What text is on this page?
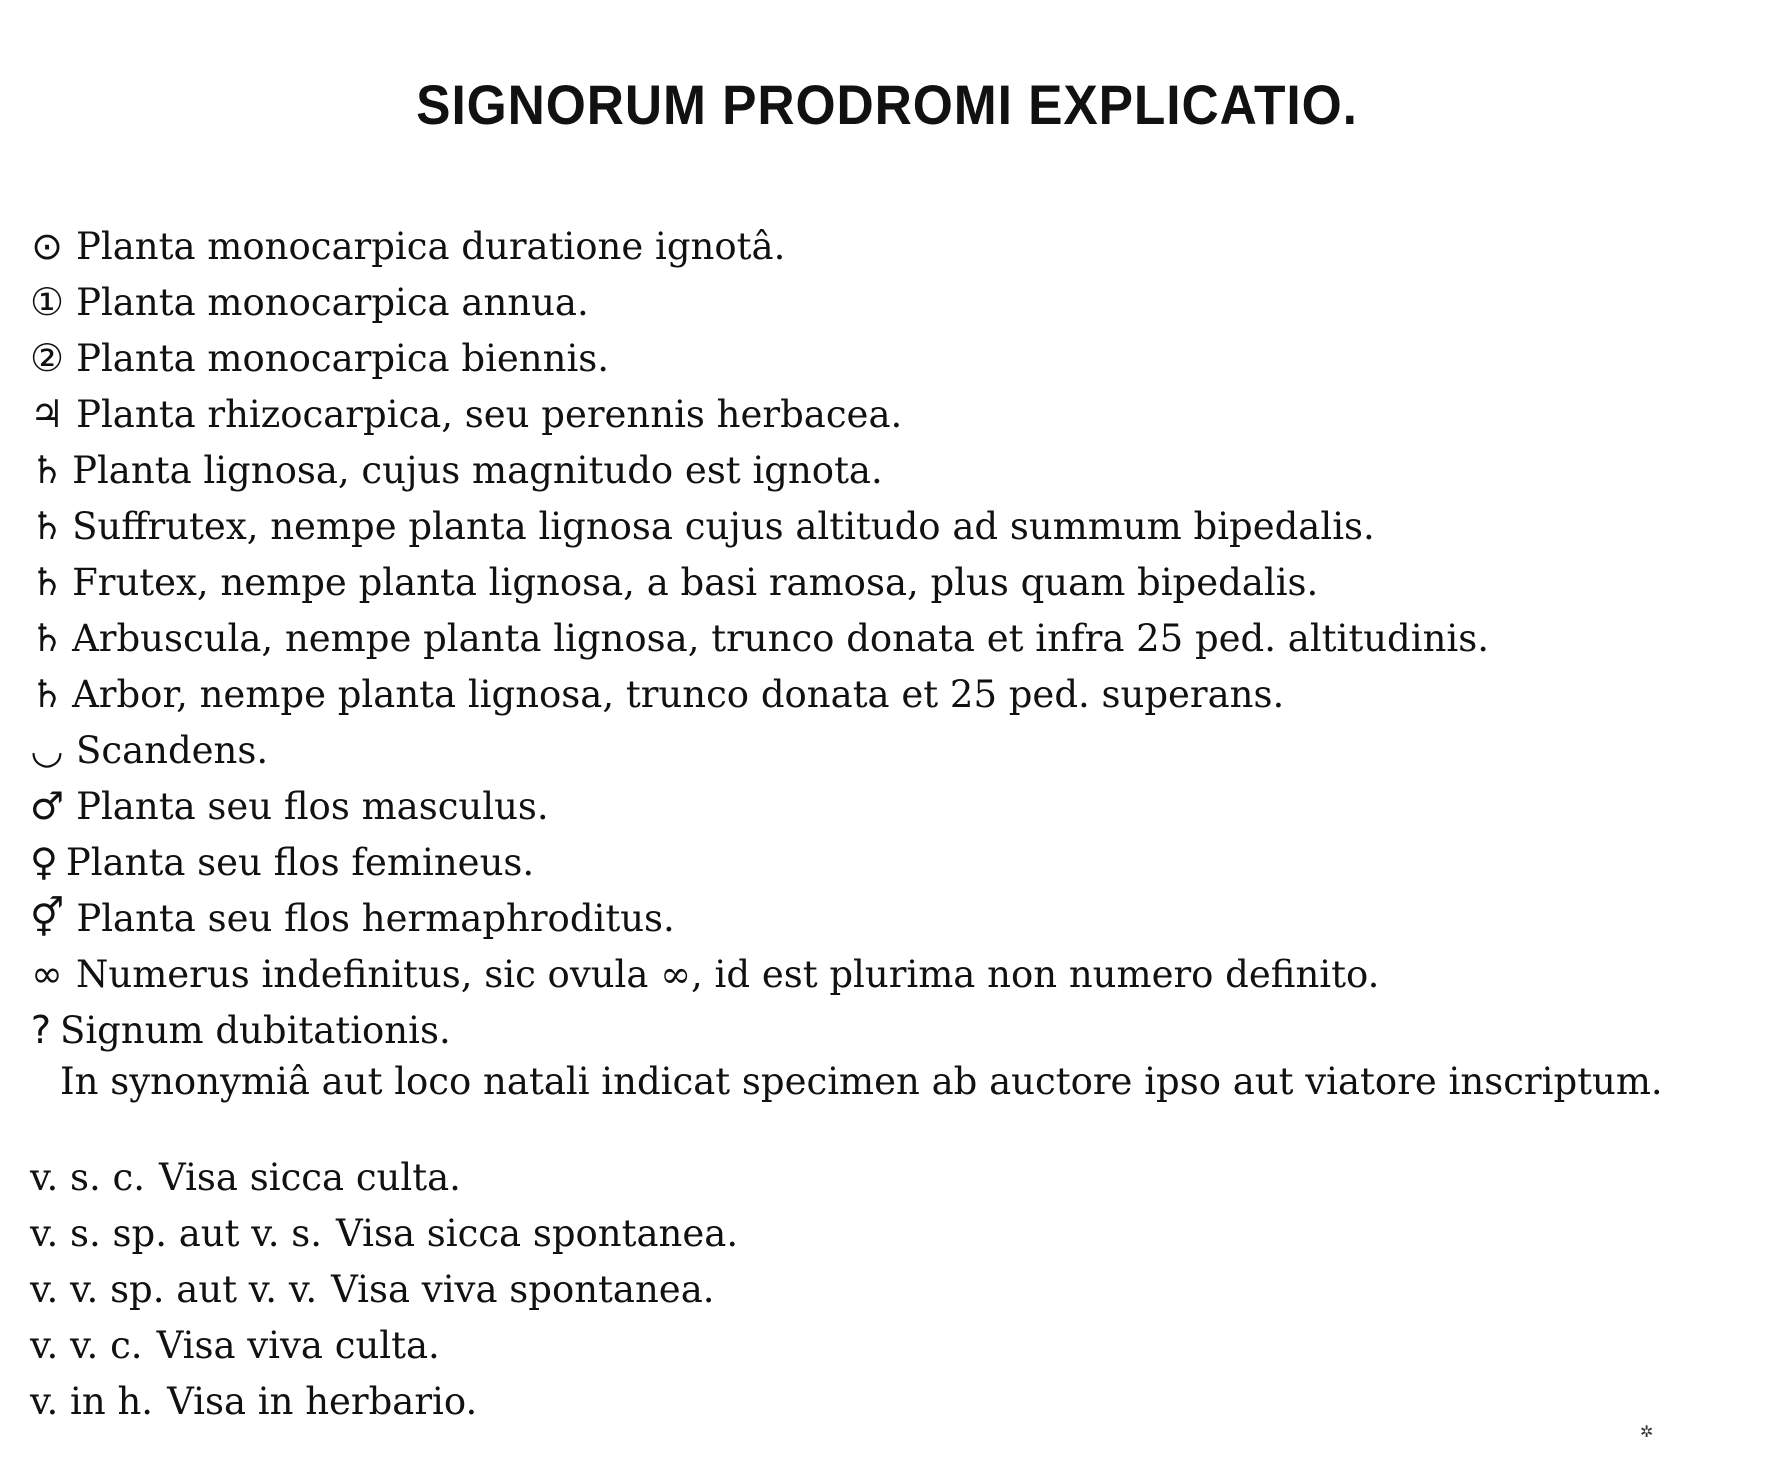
SIGNORUM PRODROMI EXPLICATIO.
⊙ Planta monocarpica duratione ignotâ.
① Planta monocarpica annua.
② Planta monocarpica biennis.
♃ Planta rhizocarpica, seu perennis herbacea.
♄ Planta lignosa, cujus magnitudo est ignota.
♄ Suffrutex, nempe planta lignosa cujus altitudo ad summum bipedalis.
♄ Frutex, nempe planta lignosa, a basi ramosa, plus quam bipedalis.
♄ Arbuscula, nempe planta lignosa, trunco donata et infra 25 ped. altitudinis.
♄ Arbor, nempe planta lignosa, trunco donata et 25 ped. superans.
◡ Scandens.
♂ Planta seu flos masculus.
♀ Planta seu flos femineus.
⚥ Planta seu flos hermaphroditus.
∞ Numerus indefinitus, sic ovula ∞, id est plurima non numero definito.
? Signum dubitationis.
In synonymiâ aut loco natali indicat specimen ab auctore ipso aut viatore inscriptum.
v. s. c. Visa sicca culta.
v. s. sp. aut v. s. Visa sicca spontanea.
v. v. sp. aut v. v. Visa viva spontanea.
v. v. c. Visa viva culta.
v. in h. Visa in herbario.
✲
